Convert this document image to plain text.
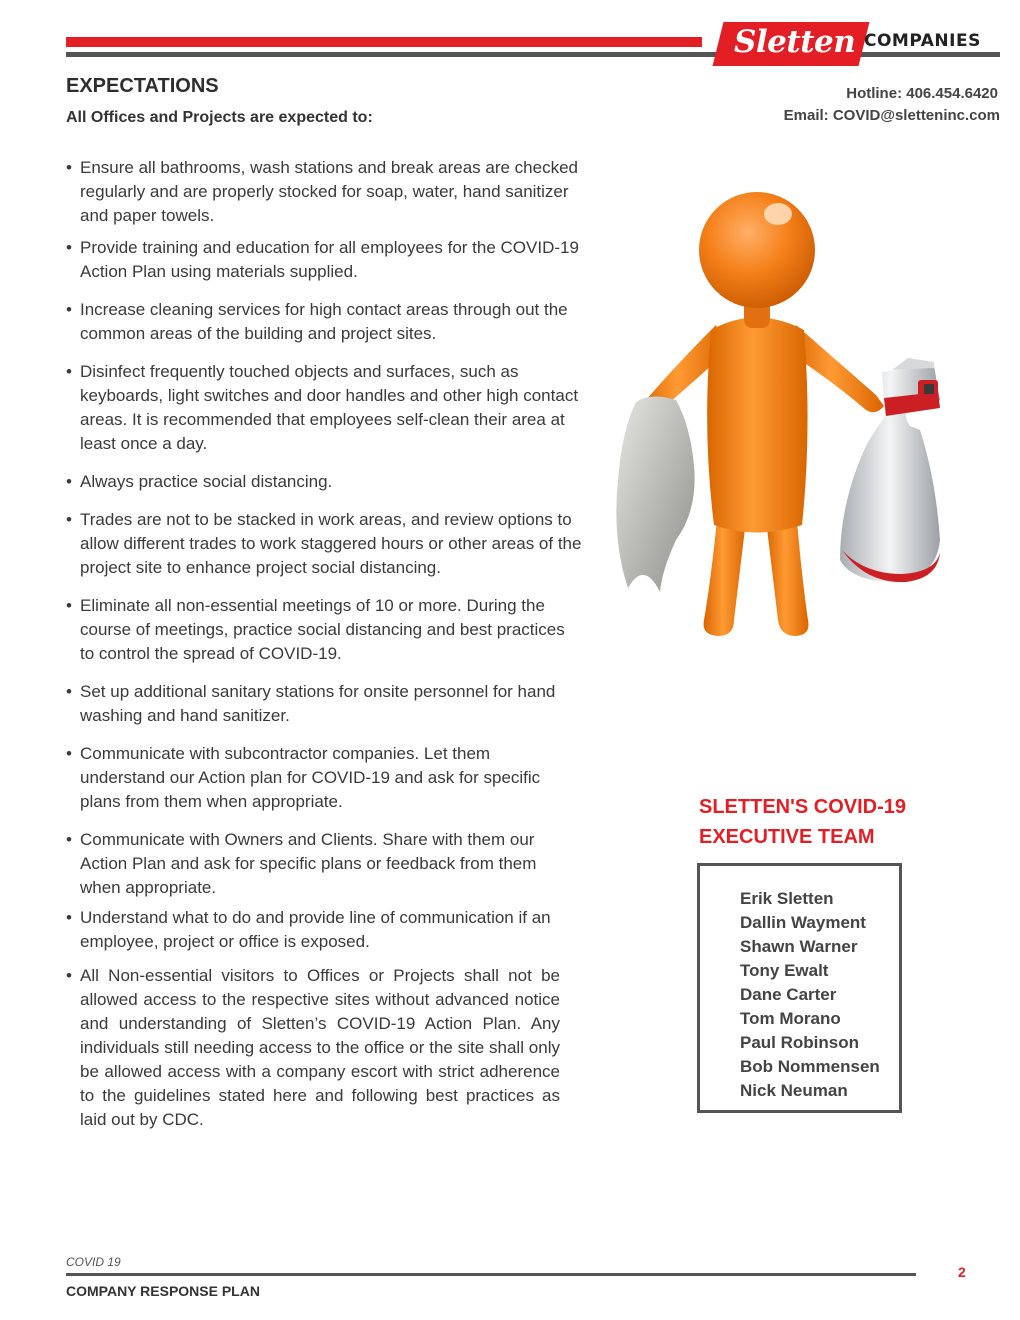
Sletten COMPANIES
EXPECTATIONS
All Offices and Projects are expected to:
Hotline: 406.454.6420
Email: COVID@sletteninc.com
• Ensure all bathrooms, wash stations and break areas are checked regularly and are properly stocked for soap, water, hand sanitizer and paper towels.
• Provide training and education for all employees for the COVID-19 Action Plan using materials supplied.
• Increase cleaning services for high contact areas through out the common areas of the building and project sites.
• Disinfect frequently touched objects and surfaces, such as keyboards, light switches and door handles and other high contact areas. It is recommended that employees self-clean their area at least once a day.
• Always practice social distancing.
• Trades are not to be stacked in work areas, and review options to allow different trades to work staggered hours or other areas of the project site to enhance project social distancing.
• Eliminate all non-essential meetings of 10 or more. During the course of meetings, practice social distancing and best practices to control the spread of COVID-19.
• Set up additional sanitary stations for onsite personnel for hand washing and hand sanitizer.
• Communicate with subcontractor companies. Let them understand our Action plan for COVID-19 and ask for specific plans from them when appropriate.
• Communicate with Owners and Clients. Share with them our Action Plan and ask for specific plans or feedback from them when appropriate.
• Understand what to do and provide line of communication if an employee, project or office is exposed.
• All Non-essential visitors to Offices or Projects shall not be allowed access to the respective sites without advanced notice and understanding of Sletten’s COVID-19 Action Plan. Any individuals still needing access to the office or the site shall only be allowed access with a company escort with strict adherence to the guidelines stated here and following best practices as laid out by CDC.
SLETTEN'S COVID-19
EXECUTIVE TEAM
Erik Sletten
Dallin Wayment
Shawn Warner
Tony Ewalt
Dane Carter
Tom Morano
Paul Robinson
Bob Nommensen
Nick Neuman
COVID 19
2
COMPANY RESPONSE PLAN
